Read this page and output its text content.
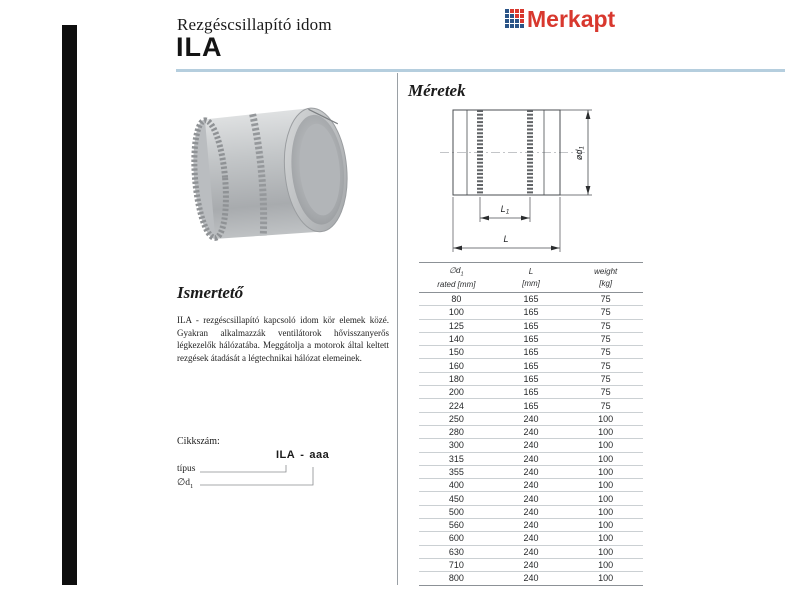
Rezgéscsillapító idom
ILA
Merkapt
Ismertető
ILA - rezgéscsillapító kapcsoló idom kör elemek közé. Gyakran alkalmazzák ventilátorok hővisszanyerős légkezelők hálózatába. Meggátolja a motorok által keltett rezgések átadását a légtechnikai hálózat elemeinek.
Cikkszám:
ILA - aaa
típus
$\emptyset d_1$
Méretek
ød1
L1
L
$\emptyset d_1$
rated [mm]
L
[mm]
weight
[kg]
80	165	75
100	165	75
125	165	75
140	165	75
150	165	75
160	165	75
180	165	75
200	165	75
224	165	75
250	240	100
280	240	100
300	240	100
315	240	100
355	240	100
400	240	100
450	240	100
500	240	100
560	240	100
600	240	100
630	240	100
710	240	100
800	240	100
